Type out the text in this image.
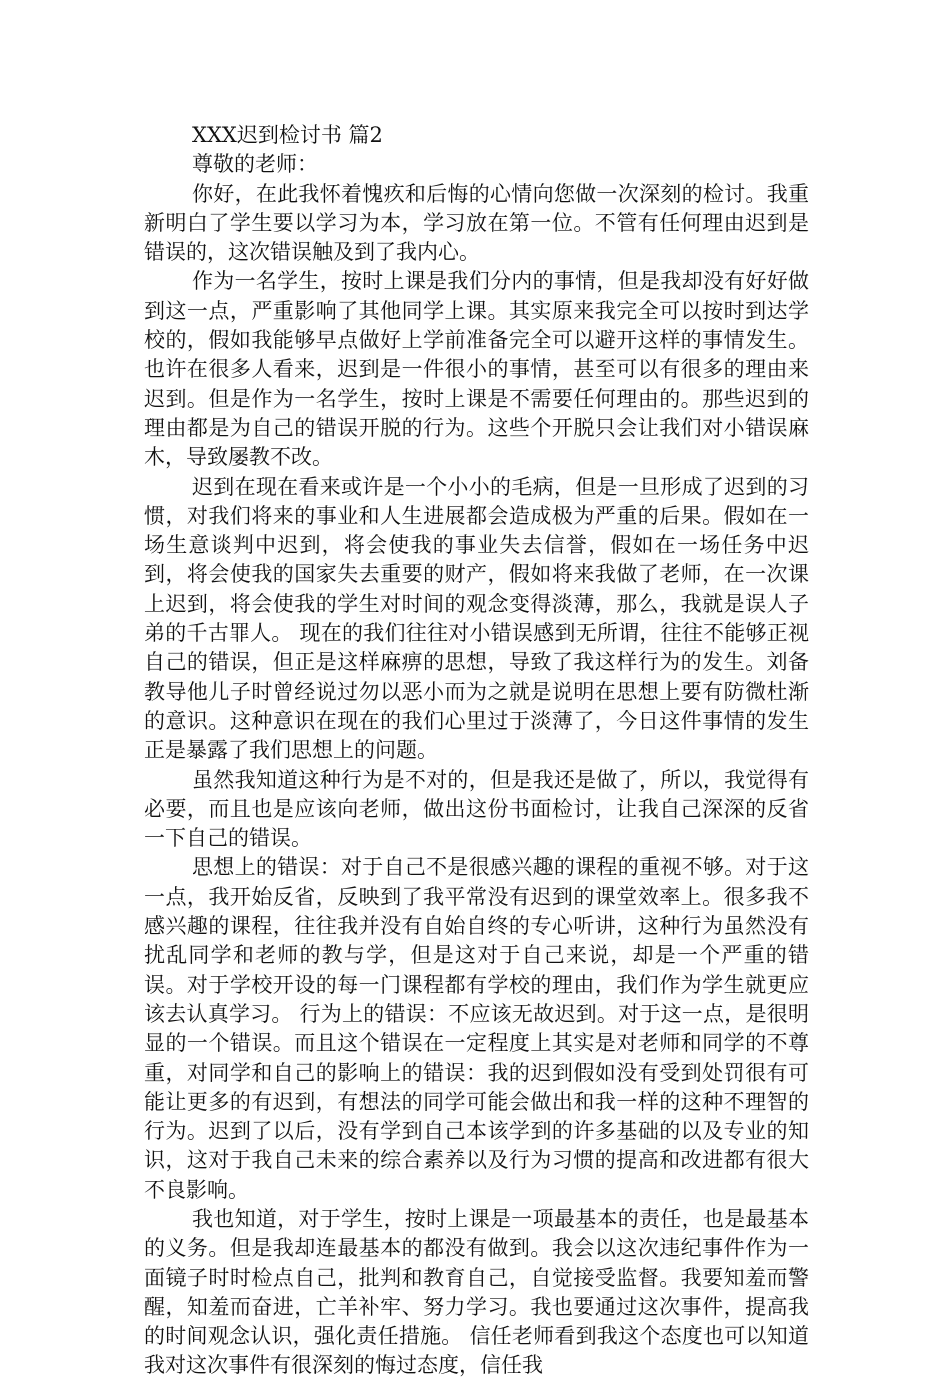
XXX迟到检讨书 篇2

尊敬的老师：

你好，在此我怀着愧疚和后悔的心情向您做一次深刻的检讨。我重新明白了学生要以学习为本，学习放在第一位。不管有任何理由迟到是错误的，这次错误触及到了我内心。

作为一名学生，按时上课是我们分内的事情，但是我却没有好好做到这一点，严重影响了其他同学上课。其实原来我完全可以按时到达学校的，假如我能够早点做好上学前准备完全可以避开这样的事情发生。也许在很多人看来，迟到是一件很小的事情，甚至可以有很多的理由来迟到。但是作为一名学生，按时上课是不需要任何理由的。那些迟到的理由都是为自己的错误开脱的行为。这些个开脱只会让我们对小错误麻木，导致屡教不改。

迟到在现在看来或许是一个小小的毛病，但是一旦形成了迟到的习惯，对我们将来的事业和人生进展都会造成极为严重的后果。假如在一场生意谈判中迟到，将会使我的事业失去信誉，假如在一场任务中迟到，将会使我的国家失去重要的财产，假如将来我做了老师，在一次课上迟到，将会使我的学生对时间的观念变得淡薄，那么，我就是误人子弟的千古罪人。 现在的我们往往对小错误感到无所谓，往往不能够正视自己的错误，但正是这样麻痹的思想，导致了我这样行为的发生。刘备教导他儿子时曾经说过勿以恶小而为之就是说明在思想上要有防微杜渐的意识。这种意识在现在的我们心里过于淡薄了，今日这件事情的发生正是暴露了我们思想上的问题。

虽然我知道这种行为是不对的，但是我还是做了，所以，我觉得有必要，而且也是应该向老师，做出这份书面检讨，让我自己深深的反省一下自己的错误。

思想上的错误：对于自己不是很感兴趣的课程的重视不够。对于这一点，我开始反省，反映到了我平常没有迟到的课堂效率上。很多我不感兴趣的课程，往往我并没有自始自终的专心听讲，这种行为虽然没有扰乱同学和老师的教与学，但是这对于自己来说，却是一个严重的错误。对于学校开设的每一门课程都有学校的理由，我们作为学生就更应该去认真学习。 行为上的错误：不应该无故迟到。对于这一点，是很明显的一个错误。而且这个错误在一定程度上其实是对老师和同学的不尊重，对同学和自己的影响上的错误：我的迟到假如没有受到处罚很有可能让更多的有迟到，有想法的同学可能会做出和我一样的这种不理智的行为。迟到了以后，没有学到自己本该学到的许多基础的以及专业的知识，这对于我自己未来的综合素养以及行为习惯的提高和改进都有很大不良影响。

我也知道，对于学生，按时上课是一项最基本的责任，也是最基本的义务。但是我却连最基本的都没有做到。我会以这次违纪事件作为一面镜子时时检点自己，批判和教育自己，自觉接受监督。我要知羞而警醒，知羞而奋进，亡羊补牢、努力学习。我也要通过这次事件，提高我的时间观念认识，强化责任措施。 信任老师看到我这个态度也可以知道我对这次事件有很深刻的悔过态度，信任我
